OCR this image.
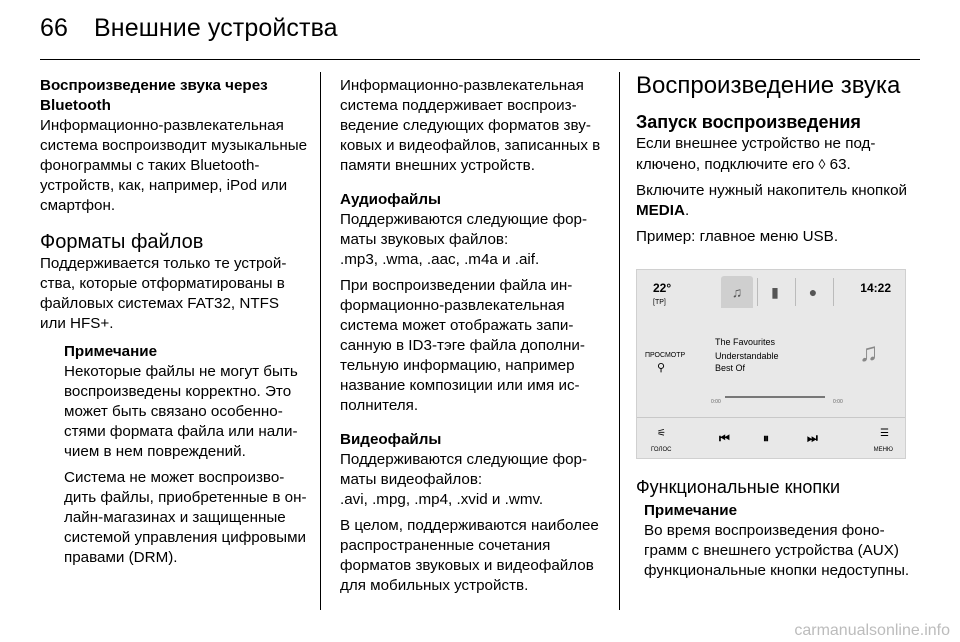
66 Внешние устройства

Воспроизведение звука через Bluetooth

Информационно-развлекательная система воспроизводит музыкальные фонограммы с таких Bluetooth-устройств, как, например, iPod или смартфон.

Форматы файлов

Поддерживается только те устройства, которые отформатированы в файловых системах FAT32, NTFS или HFS+.

Примечание

Некоторые файлы не могут быть воспроизведены корректно. Это может быть связано особенностями формата файла или наличием в нем повреждений.

Система не может воспроизводить файлы, приобретенные в онлайн-магазинах и защищенные системой управления цифровыми правами (DRM).

Информационно-развлекательная система поддерживает воспроизведение следующих форматов звуковых и видеофайлов, записанных в памяти внешних устройств.

Аудиофайлы

Поддерживаются следующие форматы звуковых файлов:

.mp3, .wma, .aac, .m4a и .aif.

При воспроизведении файла информационно-развлекательная система может отображать записанную в ID3-тэге файла дополнительную информацию, например название композиции или имя исполнителя.

Видеофайлы

Поддерживаются следующие форматы видеофайлов:

.avi, .mpg, .mp4, .xvid и .wmv.

В целом, поддерживаются наиболее распространенные сочетания форматов звуковых и видеофайлов для мобильных устройств.

Воспроизведение звука

Запуск воспроизведения

Если внешнее устройство не подключено, подключите его ◊ 63.

Включите нужный накопитель кнопкой MEDIA.

Пример: главное меню USB.

22°
[TP]
♫	▮	●	14:22
ПРОСМОТР
⚲
The Favourites
Understandable
Best Of
0:00	0:00
♫
⚟
ГОЛОС
⏮	⏸	⏭	☰
МЕНЮ

Функциональные кнопки

Примечание

Во время воспроизведения фонограмм с внешнего устройства (AUX) функциональные кнопки недоступны.

carmanualsonline.info
